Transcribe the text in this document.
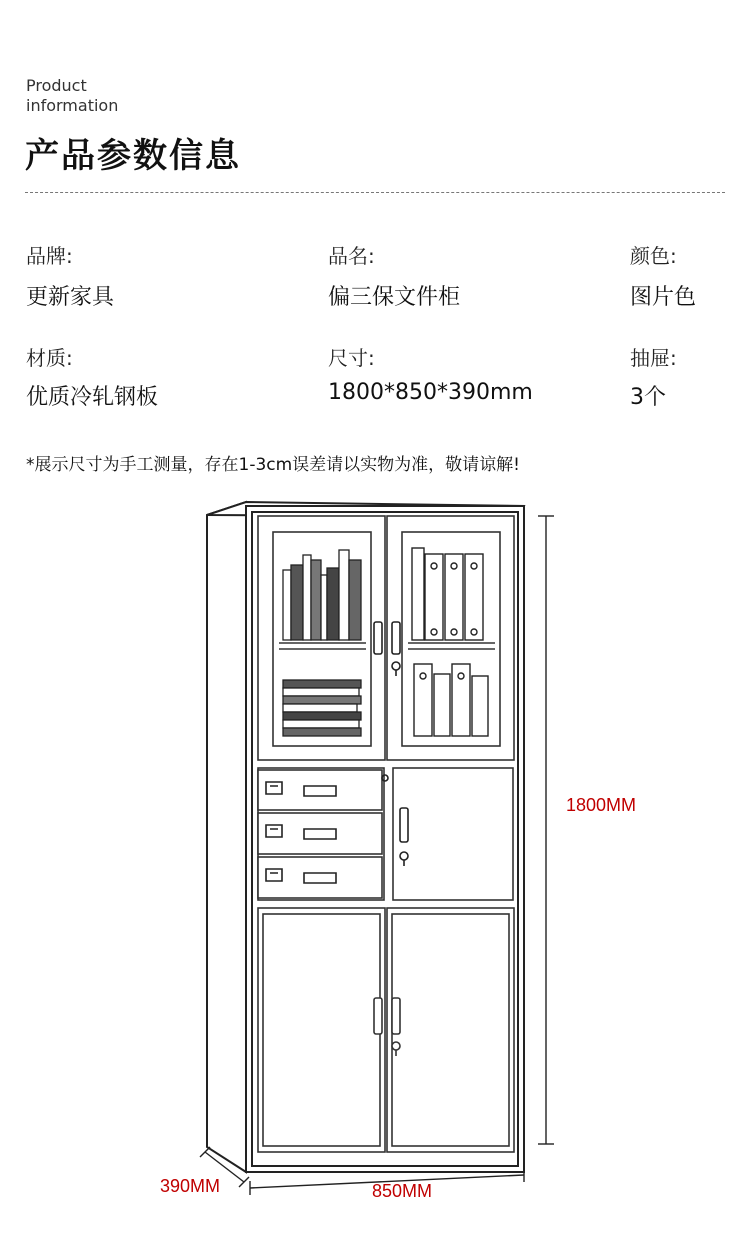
Product
information
产品参数信息
品牌:
更新家具
品名:
偏三保文件柜
颜色:
图片色
材质:
优质冷轧钢板
尺寸:
1800*850*390mm
抽屉:
3个
*展示尺寸为手工测量，存在1-3cm误差请以实物为准，敬请谅解!
1800MM
850MM
390MM
